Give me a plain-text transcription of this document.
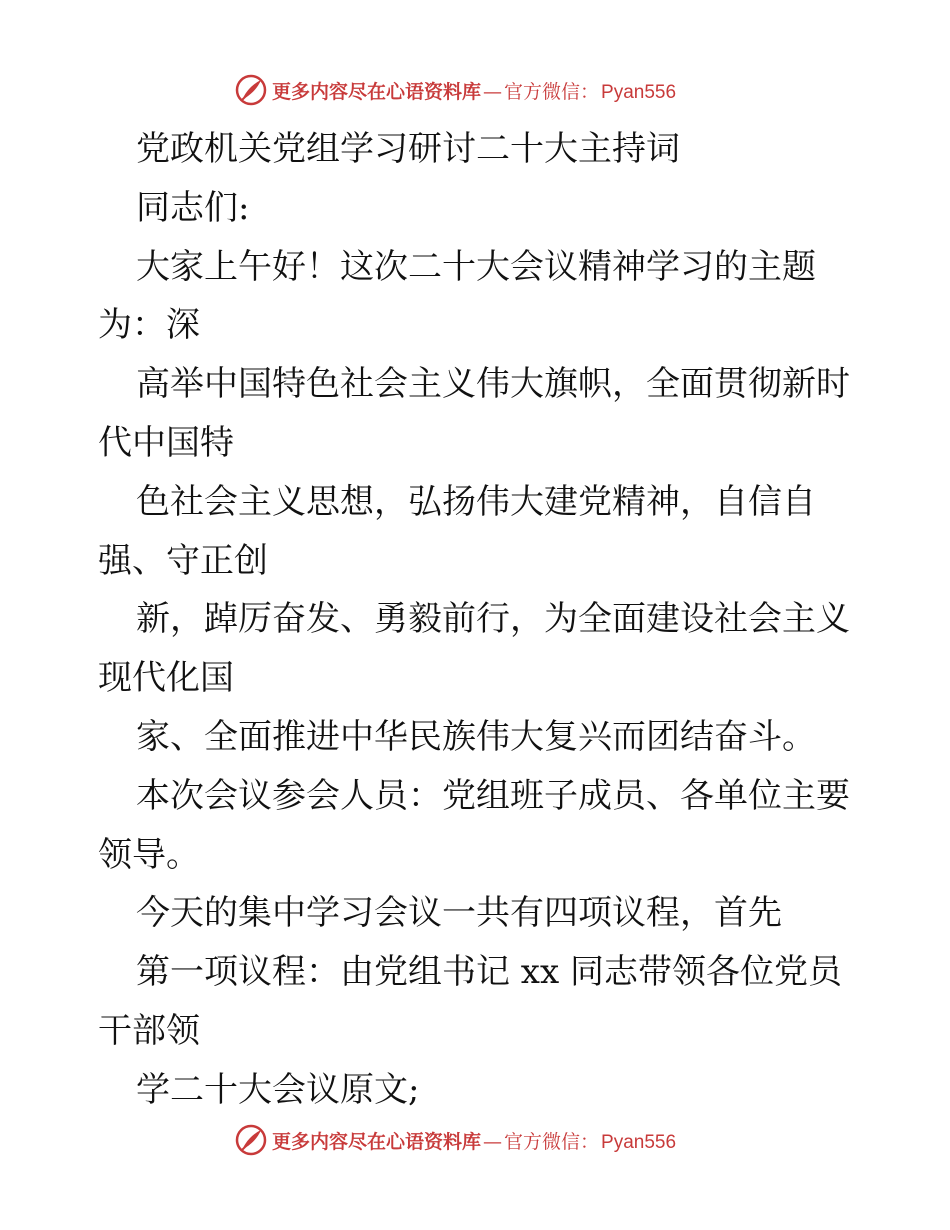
更多内容尽在心语资料库 — 官方微信： Pyan556
党政机关党组学习研讨二十大主持词
同志们:
大家上午好！这次二十大会议精神学习的主题
为：深
高举中国特色社会主义伟大旗帜，全面贯彻新时
代中国特
色社会主义思想，弘扬伟大建党精神，自信自
强、守正创
新，踔厉奋发、勇毅前行，为全面建设社会主义
现代化国
家、全面推进中华民族伟大复兴而团结奋斗。
本次会议参会人员：党组班子成员、各单位主要
领导。
今天的集中学习会议一共有四项议程，首先
第一项议程：由党组书记 xx 同志带领各位党员
干部领
学二十大会议原文;
更多内容尽在心语资料库 — 官方微信： Pyan556
